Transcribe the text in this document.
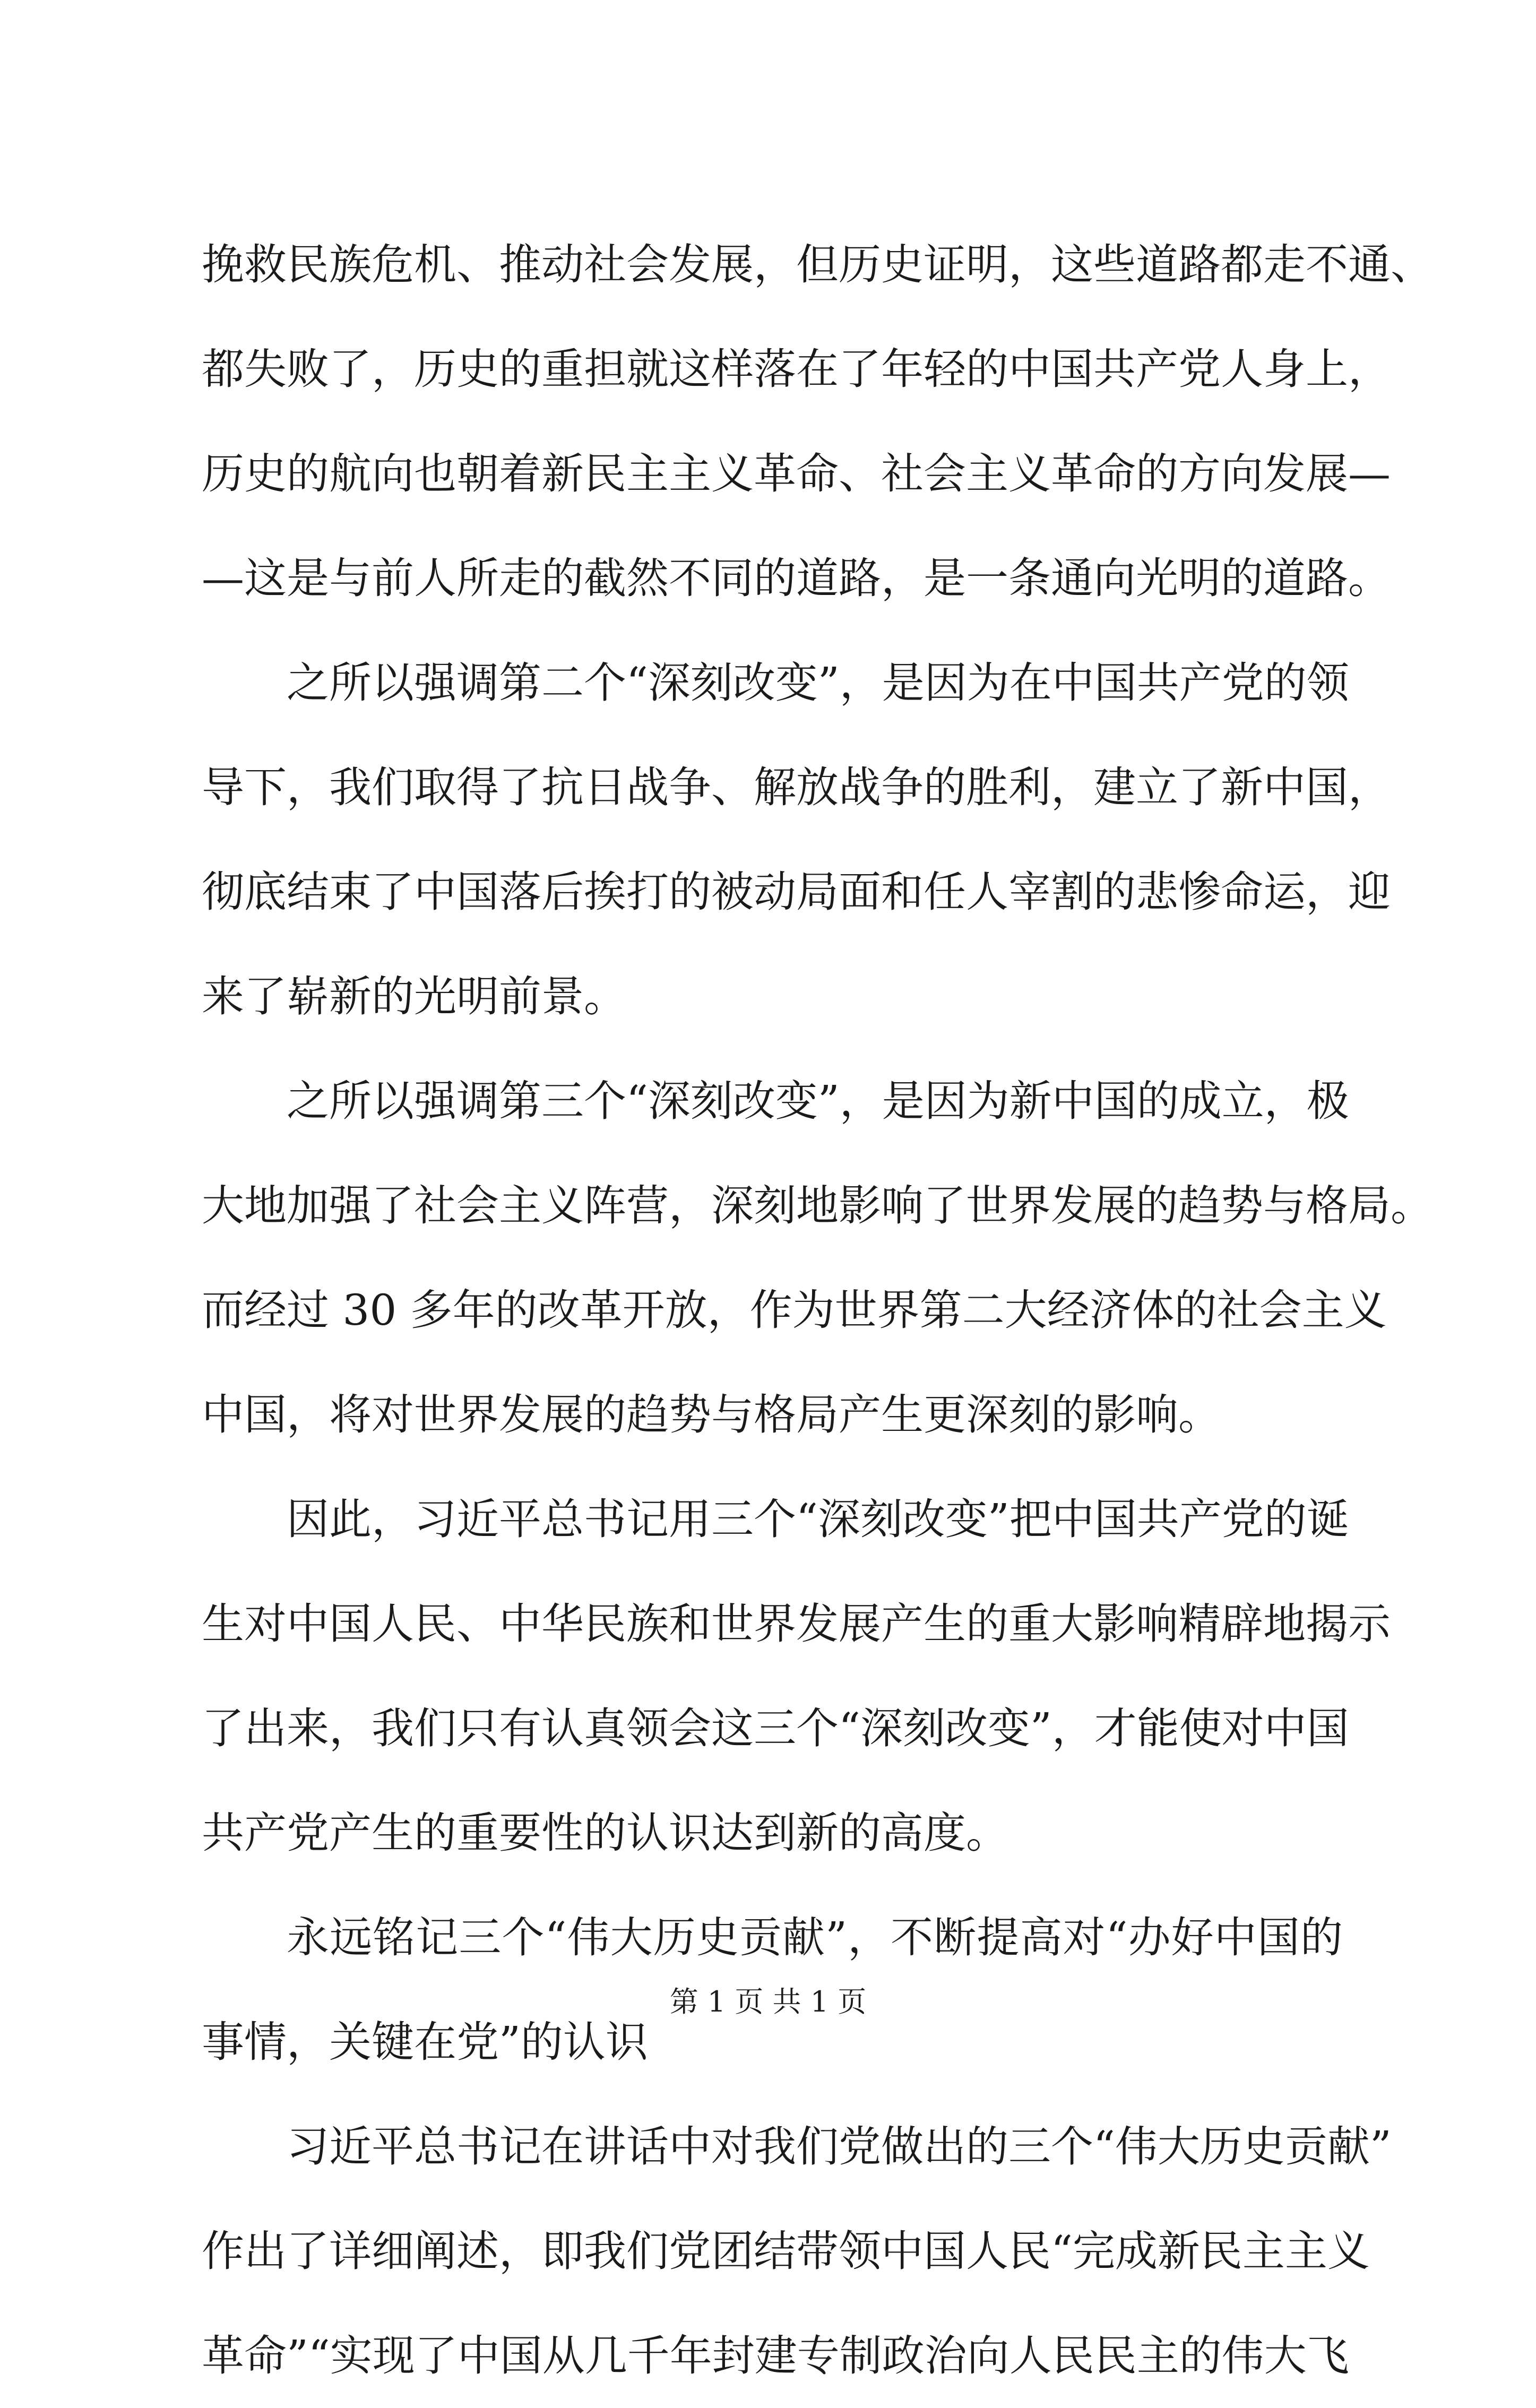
挽救民族危机、推动社会发展，但历史证明，这些道路都走不通、
都失败了，历史的重担就这样落在了年轻的中国共产党人身上，
历史的航向也朝着新民主主义革命、社会主义革命的方向发展—
—这是与前人所走的截然不同的道路，是一条通向光明的道路。
之所以强调第二个“深刻改变”，是因为在中国共产党的领
导下，我们取得了抗日战争、解放战争的胜利，建立了新中国，
彻底结束了中国落后挨打的被动局面和任人宰割的悲惨命运，迎
来了崭新的光明前景。
之所以强调第三个“深刻改变”，是因为新中国的成立，极
大地加强了社会主义阵营，深刻地影响了世界发展的趋势与格局。
而经过 30 多年的改革开放，作为世界第二大经济体的社会主义
中国，将对世界发展的趋势与格局产生更深刻的影响。
因此，习近平总书记用三个“深刻改变”把中国共产党的诞
生对中国人民、中华民族和世界发展产生的重大影响精辟地揭示
了出来，我们只有认真领会这三个“深刻改变”，才能使对中国
共产党产生的重要性的认识达到新的高度。
永远铭记三个“伟大历史贡献”，不断提高对“办好中国的
事情，关键在党”的认识
习近平总书记在讲话中对我们党做出的三个“伟大历史贡献”
作出了详细阐述，即我们党团结带领中国人民“完成新民主主义
革命”“实现了中国从几千年封建专制政治向人民民主的伟大飞
第 1 页 共 1 页
